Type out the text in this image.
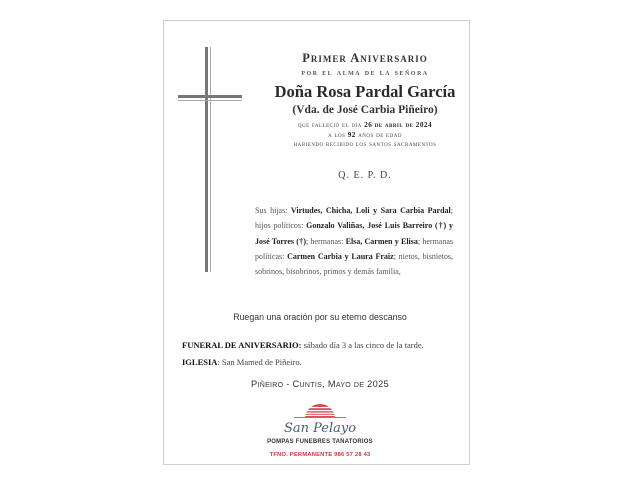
Primer Aniversario
por el alma de la señora
Doña Rosa Pardal García
(Vda. de José Carbia Piñeiro)
que falleció el día 26 de abril de 2024
a los 92 años de edad
habiendo recibido los santos sacramentos
Q. E. P. D.
Sus hijas: Virtudes, Chicha, Loli y Sara Carbia Pardal; hijos políticos: Gonzalo Valiñas, José Luis Barreiro (†) y José Torres (†); hermanas: Elsa, Carmen y Elisa; hermanas políticas: Carmen Carbia y Laura Fraiz; nietos, bisnietos, sobrinos, bisobrinos, primos y demás familia,
Ruegan una oración por su eterno descanso
FUNERAL DE ANIVERSARIO: sábado día 3 a las cinco de la tarde.
IGLESIA: San Mamed de Piñeiro.
Piñeiro - Cuntis, Mayo de 2025
San Pelayo
POMPAS FUNEBRES TANATORIOS
TFNO. PERMANENTE 986 57 28 43
